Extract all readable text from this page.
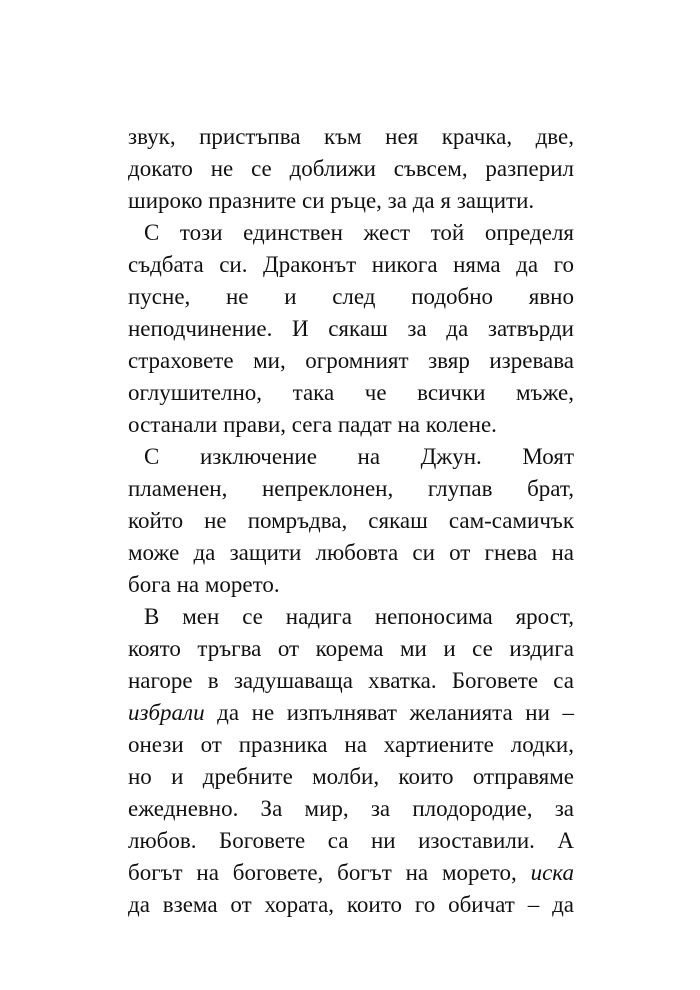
звук, пристъпва към нея крачка, две,
докато не се доближи съвсем, разперил
широко празните си ръце, за да я защити.
С този единствен жест той определя
съдбата си. Драконът никога няма да го
пусне, не и след подобно явно
неподчинение. И сякаш за да затвърди
страховете ми, огромният звяр изревава
оглушително, така че всички мъже,
останали прави, сега падат на колене.
С изключение на Джун. Моят
пламенен, непреклонен, глупав брат,
който не помръдва, сякаш сам-самичък
може да защити любовта си от гнева на
бога на морето.
В мен се надига непоносима ярост,
която тръгва от корема ми и се издига
нагоре в задушаваща хватка. Боговете са
избрали да не изпълняват желанията ни –
онези от празника на хартиените лодки,
но и дребните молби, които отправяме
ежедневно. За мир, за плодородие, за
любов. Боговете са ни изоставили. А
богът на боговете, богът на морето, иска
да взема от хората, които го обичат – да
